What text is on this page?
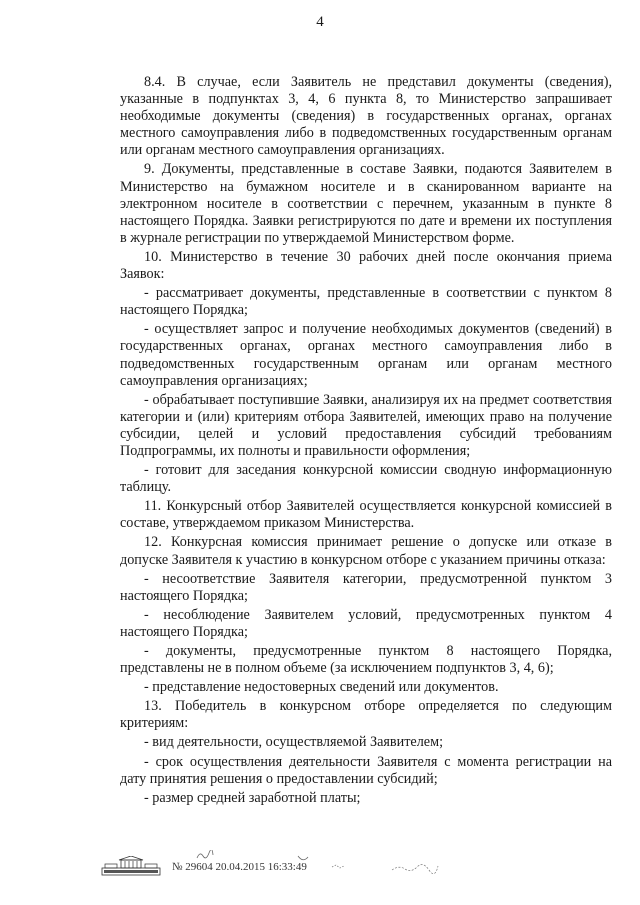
4

8.4. В случае, если Заявитель не представил документы (сведения), указанные в подпунктах 3, 4, 6 пункта 8, то Министерство запрашивает необходимые документы (сведения) в государственных органах, органах местного самоуправления либо в подведомственных государственным органам или органам местного самоуправления организациях.

9. Документы, представленные в составе Заявки, подаются Заявителем в Министерство на бумажном носителе и в сканированном варианте на электронном носителе в соответствии с перечнем, указанным в пункте 8 настоящего Порядка. Заявки регистрируются по дате и времени их поступления в журнале регистрации по утверждаемой Министерством форме.

10. Министерство в течение 30 рабочих дней после окончания приема Заявок:

- рассматривает документы, представленные в соответствии с пунктом 8 настоящего Порядка;

- осуществляет запрос и получение необходимых документов (сведений) в государственных органах, органах местного самоуправления либо в подведомственных государственным органам или органам местного самоуправления организациях;

- обрабатывает поступившие Заявки, анализируя их на предмет соответствия категории и (или) критериям отбора Заявителей, имеющих право на получение субсидии, целей и условий предоставления субсидий требованиям Подпрограммы, их полноты и правильности оформления;

- готовит для заседания конкурсной комиссии сводную информационную таблицу.

11. Конкурсный отбор Заявителей осуществляется конкурсной комиссией в составе, утверждаемом приказом Министерства.

12. Конкурсная комиссия принимает решение о допуске или отказе в допуске Заявителя к участию в конкурсном отборе с указанием причины отказа:

- несоответствие Заявителя категории, предусмотренной пунктом 3 настоящего Порядка;

- несоблюдение Заявителем условий, предусмотренных пунктом 4 настоящего Порядка;

- документы, предусмотренные пунктом 8 настоящего Порядка, представлены не в полном объеме (за исключением подпунктов 3, 4, 6);

- представление недостоверных сведений или документов.

13. Победитель в конкурсном отборе определяется по следующим критериям:

- вид деятельности, осуществляемой Заявителем;

- срок осуществления деятельности Заявителя с момента регистрации на дату принятия решения о предоставлении субсидий;

- размер средней заработной платы;

№ 29604 20.04.2015 16:33:49
